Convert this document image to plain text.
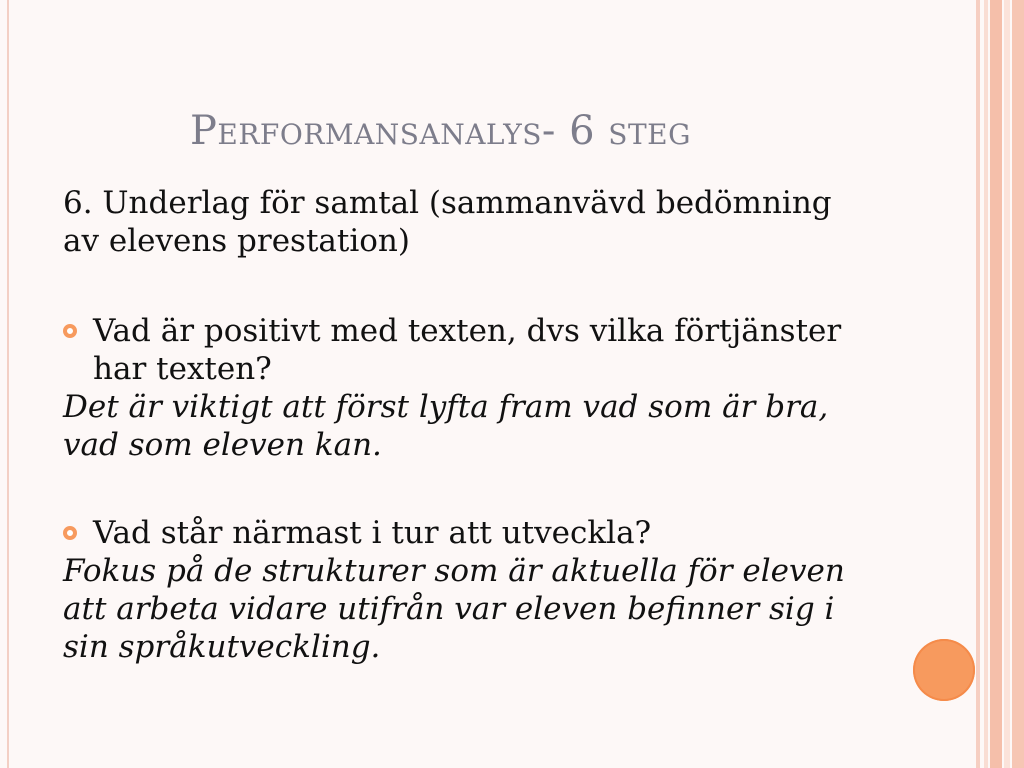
Performansanalys- 6 steg

6. Underlag för samtal (sammanvävd bedömning

av elevens prestation)

Vad är positivt med texten, dvs vilka förtjänster

har texten?

Det är viktigt att först lyfta fram vad som är bra,

vad som eleven kan.

Vad står närmast i tur att utveckla?

Fokus på de strukturer som är aktuella för eleven

att arbeta vidare utifrån var eleven befinner sig i

sin språkutveckling.
